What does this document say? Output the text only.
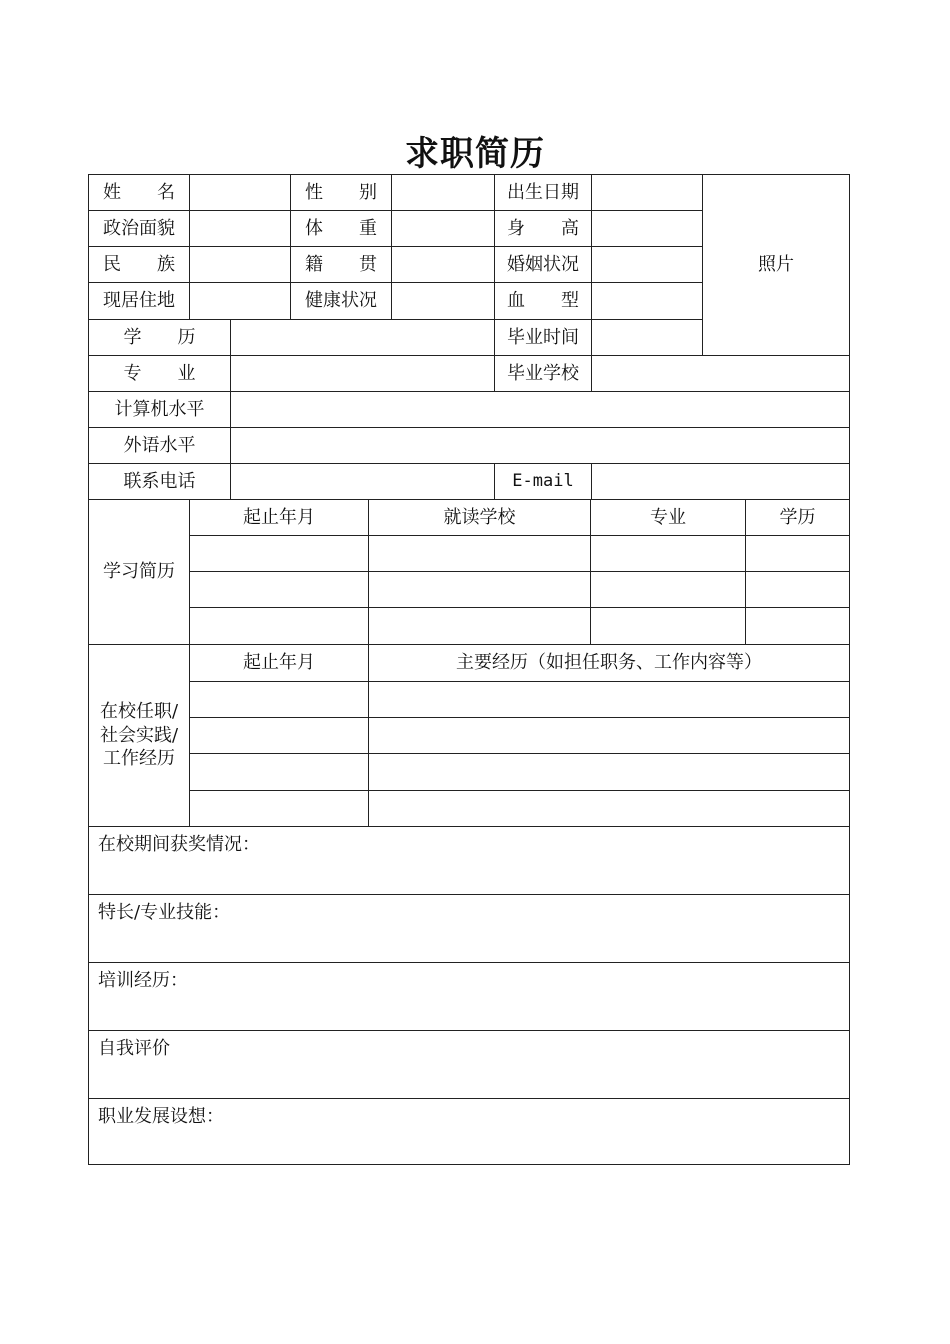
求职简历
姓　　名	性　　别	出生日期
照片
政治面貌	体　　重	身　　高
民　　族	籍　　贯	婚姻状况
现居住地	健康状况	血　　型
学　　历	毕业时间
专　　业	毕业学校
计算机水平
外语水平
联系电话	E-mail
学习简历
起止年月	就读学校	专业	学历
在校任职/社会实践/工作经历
起止年月	主要经历（如担任职务、工作内容等）
在校期间获奖情况：
特长/专业技能：
培训经历：
自我评价
职业发展设想：
